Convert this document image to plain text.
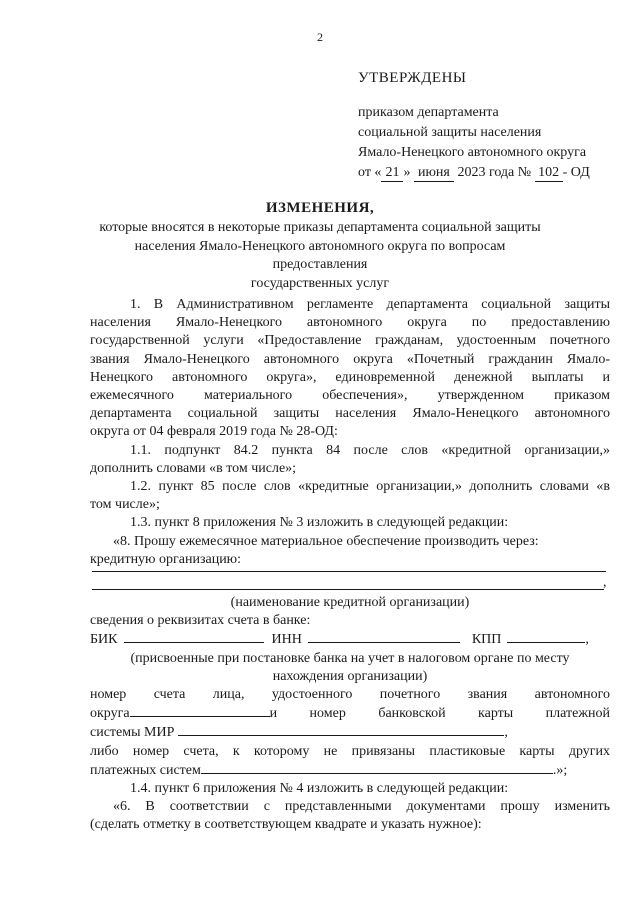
2
УТВЕРЖДЕНЫ
приказом департамента
социальной защиты населения
Ямало-Ненецкого автономного округа
от « 21 » июня 2023 года № 102 - ОД
ИЗМЕНЕНИЯ,
которые вносятся в некоторые приказы департамента социальной защиты
населения Ямало-Ненецкого автономного округа по вопросам предоставления
государственных услуг
1. В Административном регламенте департамента социальной защиты
населения Ямало-Ненецкого автономного округа по предоставлению
государственной услуги «Предоставление гражданам, удостоенным почетного
звания Ямало-Ненецкого автономного округа «Почетный гражданин Ямало-
Ненецкого автономного округа», единовременной денежной выплаты и
ежемесячного материального обеспечения», утвержденном приказом
департамента социальной защиты населения Ямало-Ненецкого автономного
округа от 04 февраля 2019 года № 28-ОД:
1.1. подпункт 84.2 пункта 84 после слов «кредитной организации,»
дополнить словами «в том числе»;
1.2. пункт 85 после слов «кредитные организации,» дополнить словами «в
том числе»;
1.3. пункт 8 приложения № 3 изложить в следующей редакции:
«8. Прошу ежемесячное материальное обеспечение производить через:
кредитную организацию:
,
(наименование кредитной организации)
сведения о реквизитах счета в банке:
БИК	ИНН	КПП	,
(присвоенные при постановке банка на учет в налоговом органе по месту
нахождения организации)
номер счета лица, удостоенного почетного звания автономного
округа	и номер банковской карты платежной
системы МИР	,
либо номер счета, к которому не привязаны пластиковые карты других
платежных систем	.»;
1.4. пункт 6 приложения № 4 изложить в следующей редакции:
«6. В соответствии с представленными документами прошу изменить
(сделать отметку в соответствующем квадрате и указать нужное):
